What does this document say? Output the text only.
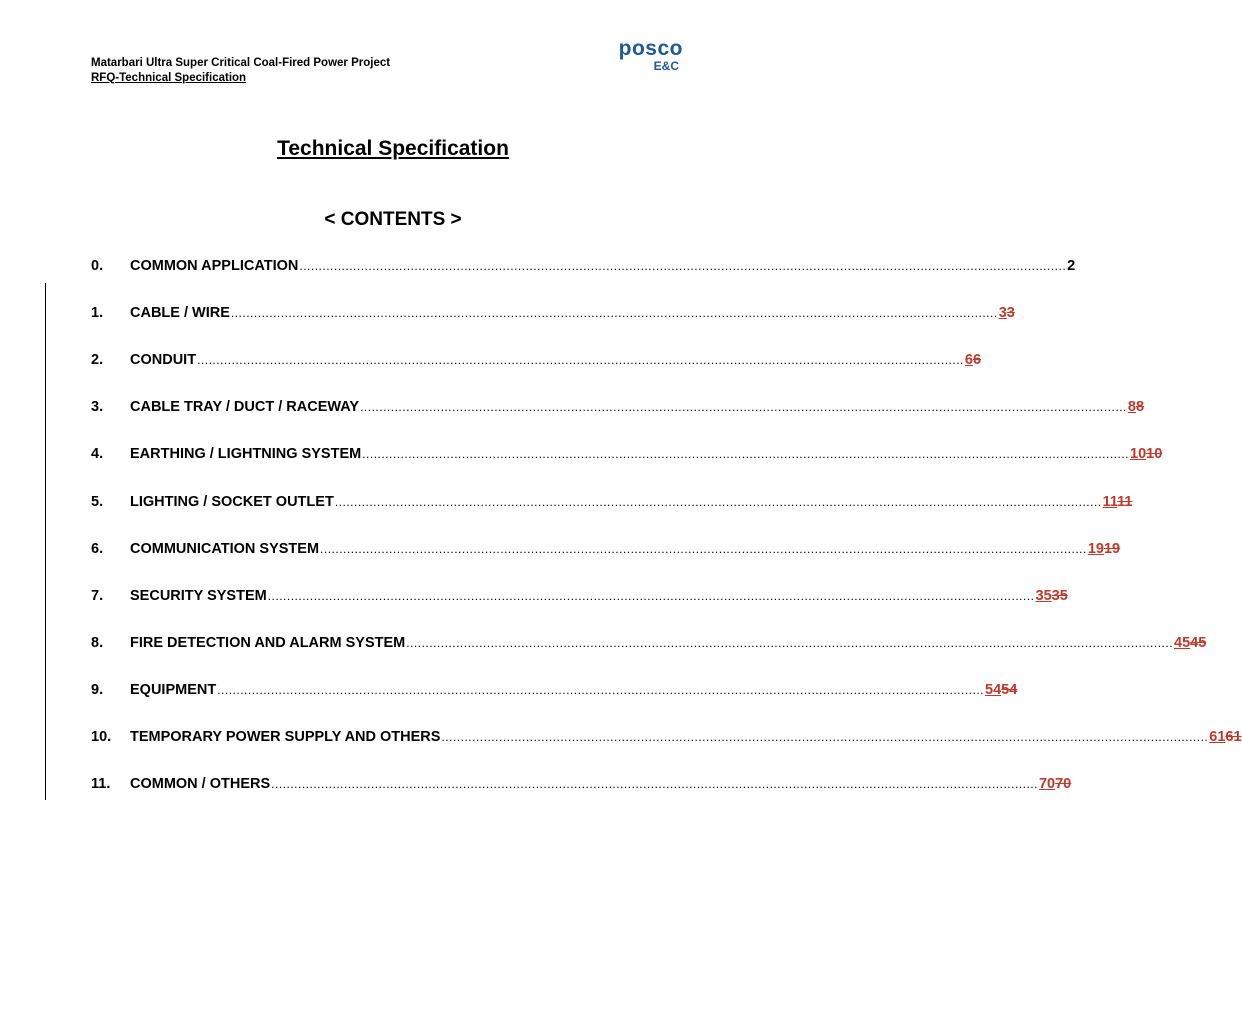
Matarbari Ultra Super Critical Coal-Fired Power Project
RFQ-Technical Specification
posco
E&C
Technical Specification
< CONTENTS >
0.	COMMON APPLICATION ........................................................................................................................................................................................................ 2
1.	CABLE / WIRE ........................................................................................................................................................................................................ 33
2.	CONDUIT ........................................................................................................................................................................................................ 66
3.	CABLE TRAY / DUCT / RACEWAY ........................................................................................................................................................................................................ 88
4.	EARTHING / LIGHTNING SYSTEM ........................................................................................................................................................................................................ 1010
5.	LIGHTING / SOCKET OUTLET ........................................................................................................................................................................................................ 1111
6.	COMMUNICATION SYSTEM ........................................................................................................................................................................................................ 1919
7.	SECURITY SYSTEM ........................................................................................................................................................................................................ 3535
8.	FIRE DETECTION AND ALARM SYSTEM ........................................................................................................................................................................................................ 4545
9.	EQUIPMENT ........................................................................................................................................................................................................ 5454
10.	TEMPORARY POWER SUPPLY AND OTHERS ........................................................................................................................................................................................................ 6161
11.	COMMON / OTHERS ........................................................................................................................................................................................................ 7070
